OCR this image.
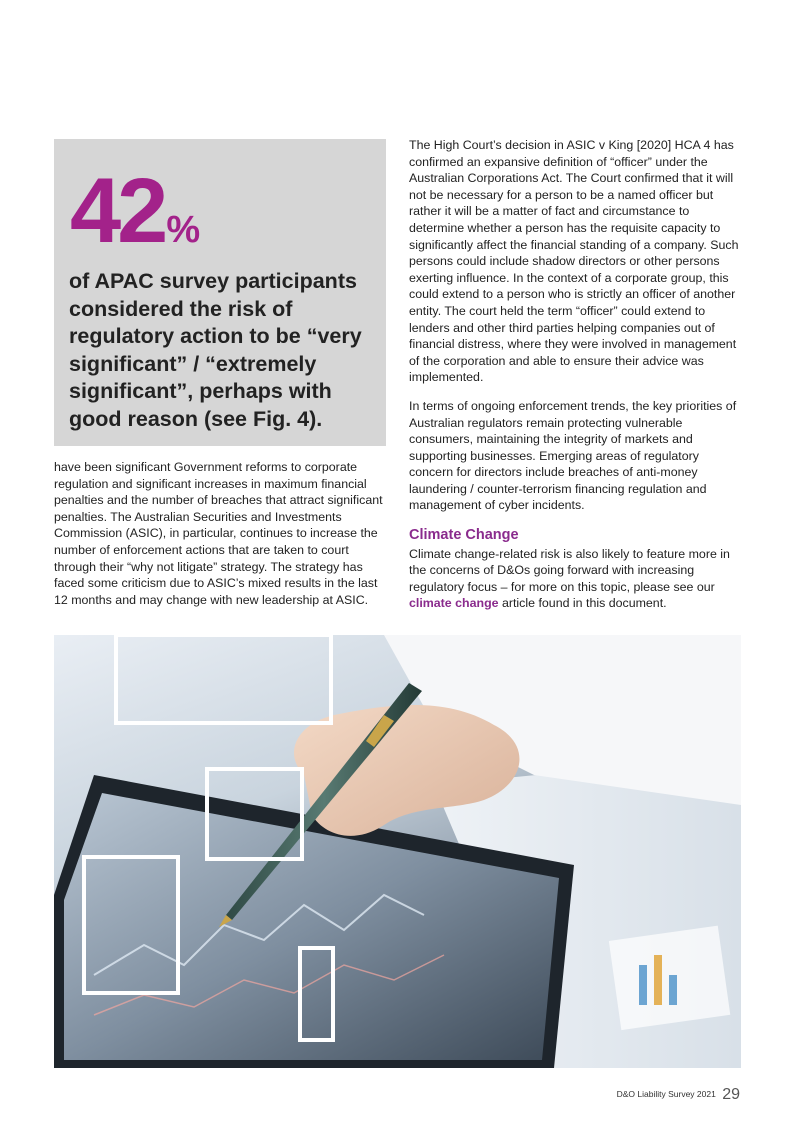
42%
of APAC survey participants considered the risk of regulatory action to be “very significant” / “extremely significant”, perhaps with good reason (see Fig. 4).

have been significant Government reforms to corporate regulation and significant increases in maximum financial penalties and the number of breaches that attract significant penalties. The Australian Securities and Investments Commission (ASIC), in particular, continues to increase the number of enforcement actions that are taken to court through their “why not litigate” strategy. The strategy has faced some criticism due to ASIC’s mixed results in the last 12 months and may change with new leadership at ASIC.

The High Court’s decision in ASIC v King [2020] HCA 4 has confirmed an expansive definition of “officer” under the Australian Corporations Act. The Court confirmed that it will not be necessary for a person to be a named officer but rather it will be a matter of fact and circumstance to determine whether a person has the requisite capacity to significantly affect the financial standing of a company. Such persons could include shadow directors or other persons exerting influence. In the context of a corporate group, this could extend to a person who is strictly an officer of another entity. The court held the term “officer” could extend to lenders and other third parties helping companies out of financial distress, where they were involved in management of the corporation and able to ensure their advice was implemented.

In terms of ongoing enforcement trends, the key priorities of Australian regulators remain protecting vulnerable consumers, maintaining the integrity of markets and supporting businesses. Emerging areas of regulatory concern for directors include breaches of anti-money laundering / counter-terrorism financing regulation and management of cyber incidents.

Climate Change

Climate change-related risk is also likely to feature more in the concerns of D&Os going forward with increasing regulatory focus – for more on this topic, please see our climate change article found in this document.

D&O Liability Survey 2021 29
